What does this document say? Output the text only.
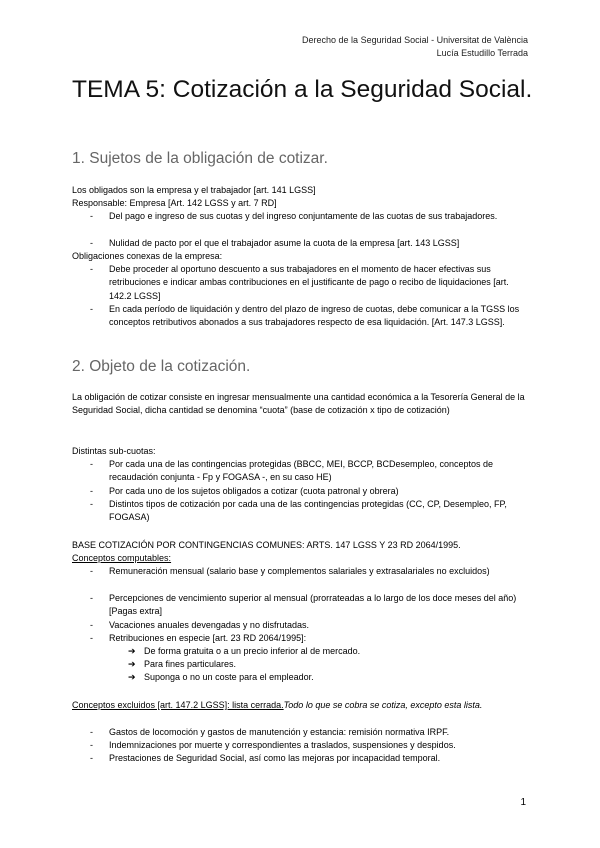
Derecho de la Seguridad Social - Universitat de València
Lucía Estudillo Terrada
TEMA 5: Cotización a la Seguridad Social.
1. Sujetos de la obligación de cotizar.

Los obligados son la empresa y el trabajador [art. 141 LGSS]

Responsable: Empresa [Art. 142 LGSS y art. 7 RD]

- Del pago e ingreso de sus cuotas y del ingreso conjuntamente de las cuotas de sus trabajadores.
- Nulidad de pacto por el que el trabajador asume la cuota de la empresa [art. 143 LGSS]

Obligaciones conexas de la empresa:

- Debe proceder al oportuno descuento a sus trabajadores en el momento de hacer efectivas sus retribuciones e indicar ambas contribuciones en el justificante de pago o recibo de liquidaciones [art. 142.2 LGSS]
- En cada período de liquidación y dentro del plazo de ingreso de cuotas, debe comunicar a la TGSS los conceptos retributivos abonados a sus trabajadores respecto de esa liquidación. [Art. 147.3 LGSS].
2. Objeto de la cotización.

La obligación de cotizar consiste en ingresar mensualmente una cantidad económica a la Tesorería General de la Seguridad Social, dicha cantidad se denomina “cuota” (base de cotización x tipo de cotización)

Distintas sub-cuotas:

- Por cada una de las contingencias protegidas (BBCC, MEI, BCCP, BCDesempleo, conceptos de recaudación conjunta - Fp y FOGASA -, en su caso HE)
- Por cada uno de los sujetos obligados a cotizar (cuota patronal y obrera)
- Distintos tipos de cotización por cada una de las contingencias protegidas (CC, CP, Desempleo, FP, FOGASA)

BASE COTIZACIÓN POR CONTINGENCIAS COMUNES: ARTS. 147 LGSS Y 23 RD 2064/1995.

Conceptos computables:

- Remuneración mensual (salario base y complementos salariales y extrasalariales no excluidos)
- Percepciones de vencimiento superior al mensual (prorrateadas a lo largo de los doce meses del año) [Pagas extra]
- Vacaciones anuales devengadas y no disfrutadas.
- Retribuciones en especie [art. 23 RD 2064/1995]:
➔ De forma gratuita o a un precio inferior al de mercado.
➔ Para fines particulares.
➔ Suponga o no un coste para el empleador.

Conceptos excluidos [art. 147.2 LGSS]: lista cerrada.Todo lo que se cobra se cotiza, excepto esta lista.

- Gastos de locomoción y gastos de manutención y estancia: remisión normativa IRPF.
- Indemnizaciones por muerte y correspondientes a traslados, suspensiones y despidos.
- Prestaciones de Seguridad Social, así como las mejoras por incapacidad temporal.
1
